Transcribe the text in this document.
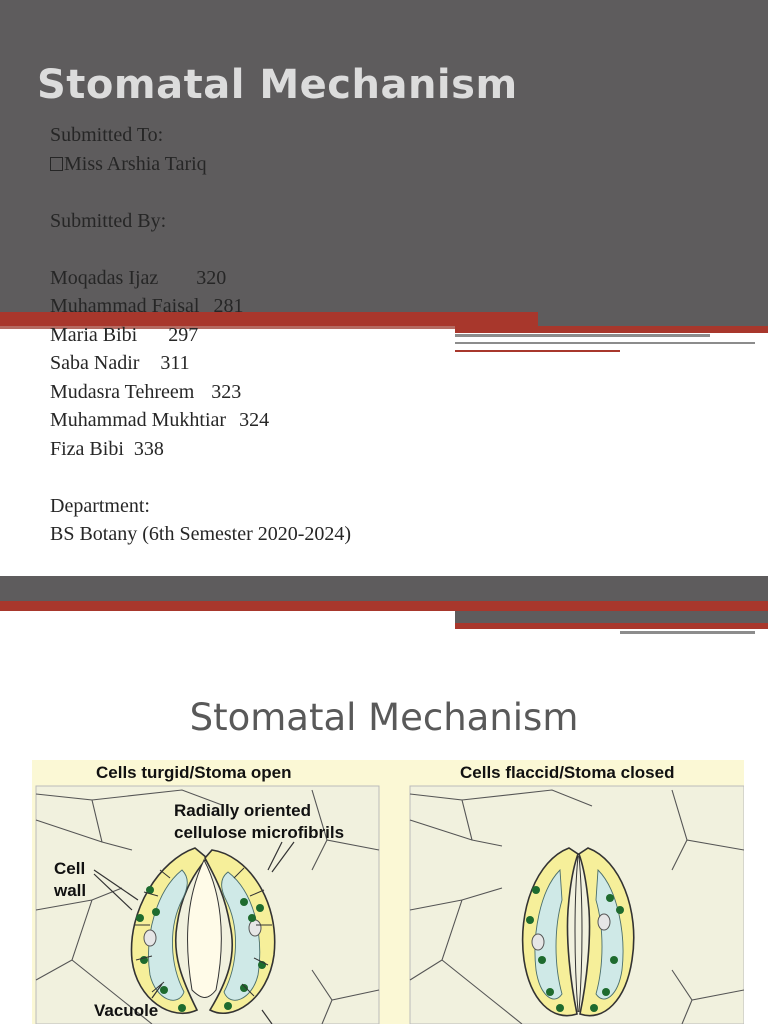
Stomatal Mechanism
Submitted To:
Miss Arshia Tariq
Submitted By:
Moqadas Ijaz 320
Muhammad Faisal 281
Maria Bibi 297
Saba Nadir 311
Mudasra Tehreem 323
Muhammad Mukhtiar 324
Fiza Bibi 338
Department:
BS Botany (6th Semester 2020-2024)
Stomatal Mechanism
Cells turgid/Stoma open	Cells flaccid/Stoma closed
Radially oriented
cellulose microfibrils
Cell
wall
Vacuole
